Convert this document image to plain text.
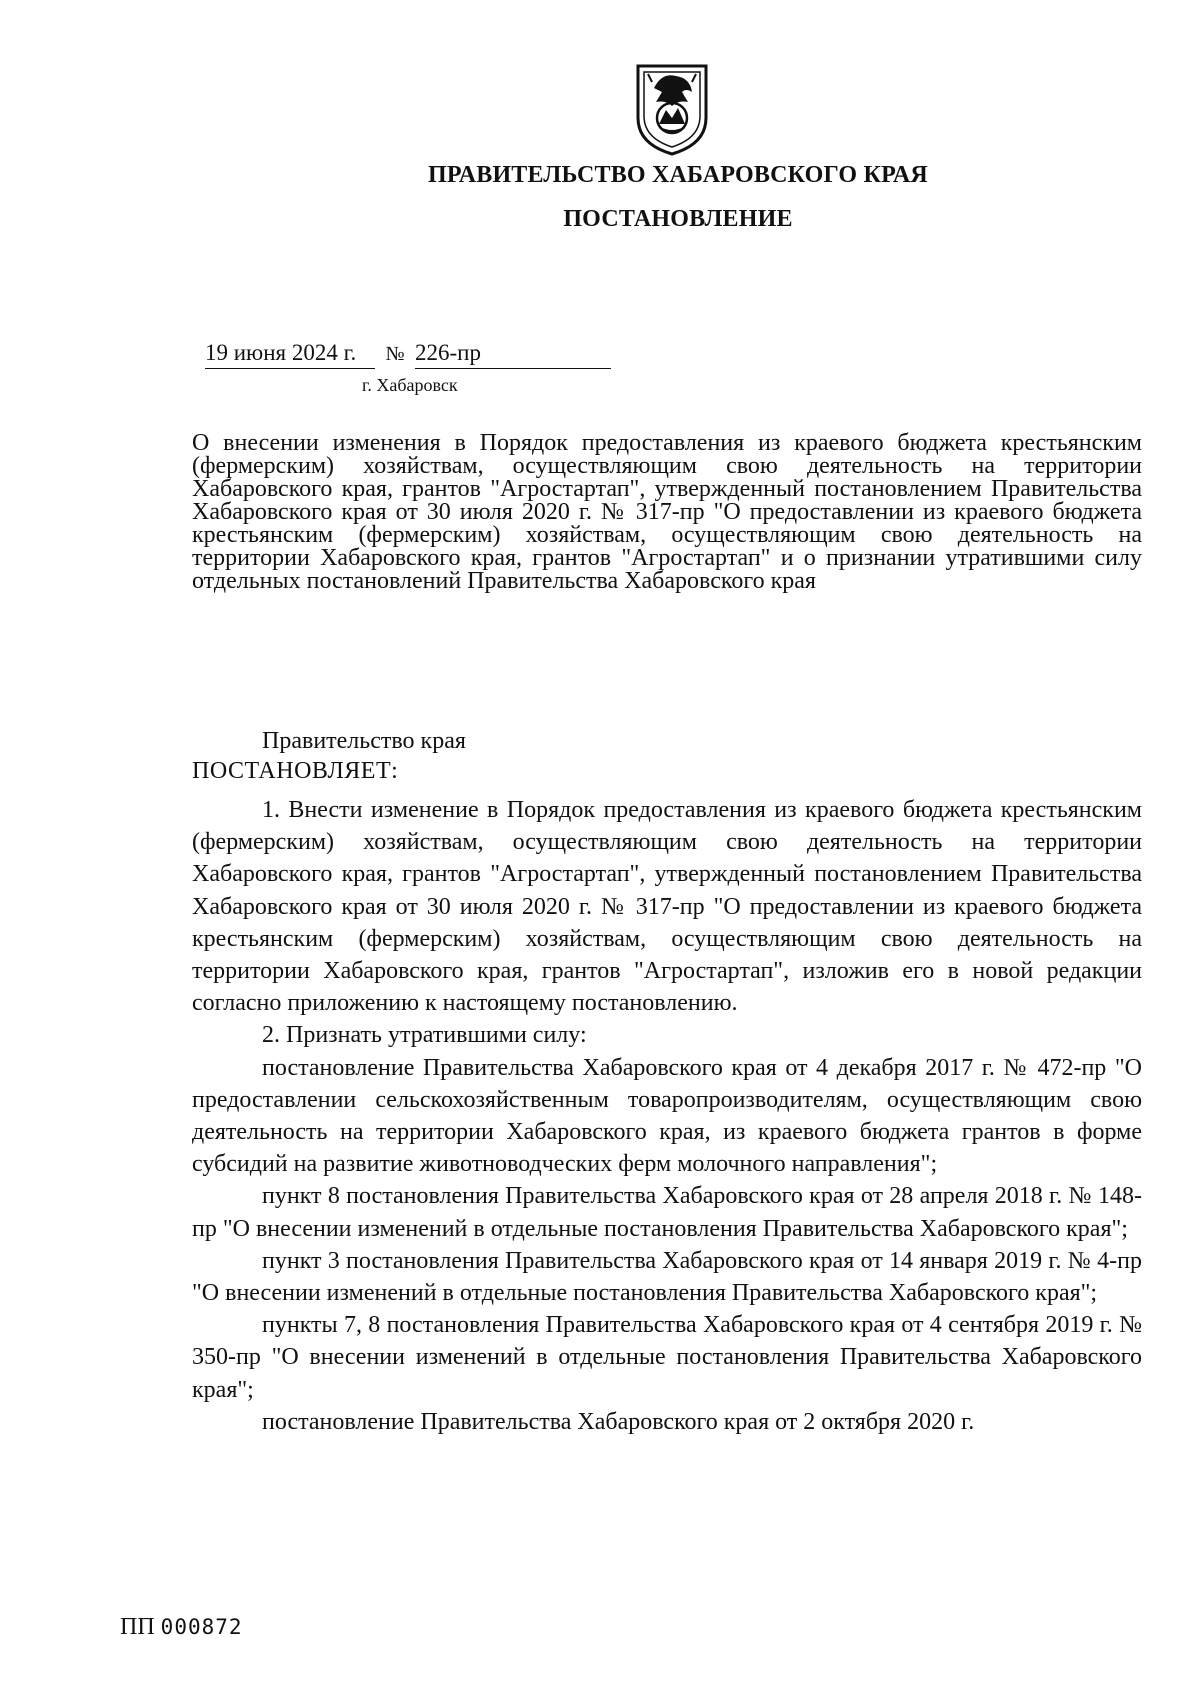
ПРАВИТЕЛЬСТВО ХАБАРОВСКОГО КРАЯ
ПОСТАНОВЛЕНИЕ
19 июня 2024 г. № 226-пр
г. Хабаровск
О внесении изменения в Порядок предоставления из краевого бюджета крестьянским (фермерским) хозяйствам, осуществляющим свою деятельность на территории Хабаровского края, грантов "Агростартап", утвержденный постановлением Правительства Хабаровского края от 30 июля 2020 г. № 317-пр "О предоставлении из краевого бюджета крестьянским (фермерским) хозяйствам, осуществляющим свою деятельность на территории Хабаровского края, грантов "Агростартап" и о признании утратившими силу отдельных постановлений Правительства Хабаровского края
Правительство края
ПОСТАНОВЛЯЕТ:

1. Внести изменение в Порядок предоставления из краевого бюджета крестьянским (фермерским) хозяйствам, осуществляющим свою деятельность на территории Хабаровского края, грантов "Агростартап", утвержденный постановлением Правительства Хабаровского края от 30 июля 2020 г. № 317-пр "О предоставлении из краевого бюджета крестьянским (фермерским) хозяйствам, осуществляющим свою деятельность на территории Хабаровского края, грантов "Агростартап", изложив его в новой редакции согласно приложению к настоящему постановлению.

2. Признать утратившими силу:

постановление Правительства Хабаровского края от 4 декабря 2017 г. № 472-пр "О предоставлении сельскохозяйственным товаропроизводителям, осуществляющим свою деятельность на территории Хабаровского края, из краевого бюджета грантов в форме субсидий на развитие животноводческих ферм молочного направления";

пункт 8 постановления Правительства Хабаровского края от 28 апреля 2018 г. № 148-пр "О внесении изменений в отдельные постановления Правительства Хабаровского края";

пункт 3 постановления Правительства Хабаровского края от 14 января 2019 г. № 4-пр "О внесении изменений в отдельные постановления Правительства Хабаровского края";

пункты 7, 8 постановления Правительства Хабаровского края от 4 сентября 2019 г. № 350-пр "О внесении изменений в отдельные постановления Правительства Хабаровского края";

постановление Правительства Хабаровского края от 2 октября 2020 г.

ПП 000872
